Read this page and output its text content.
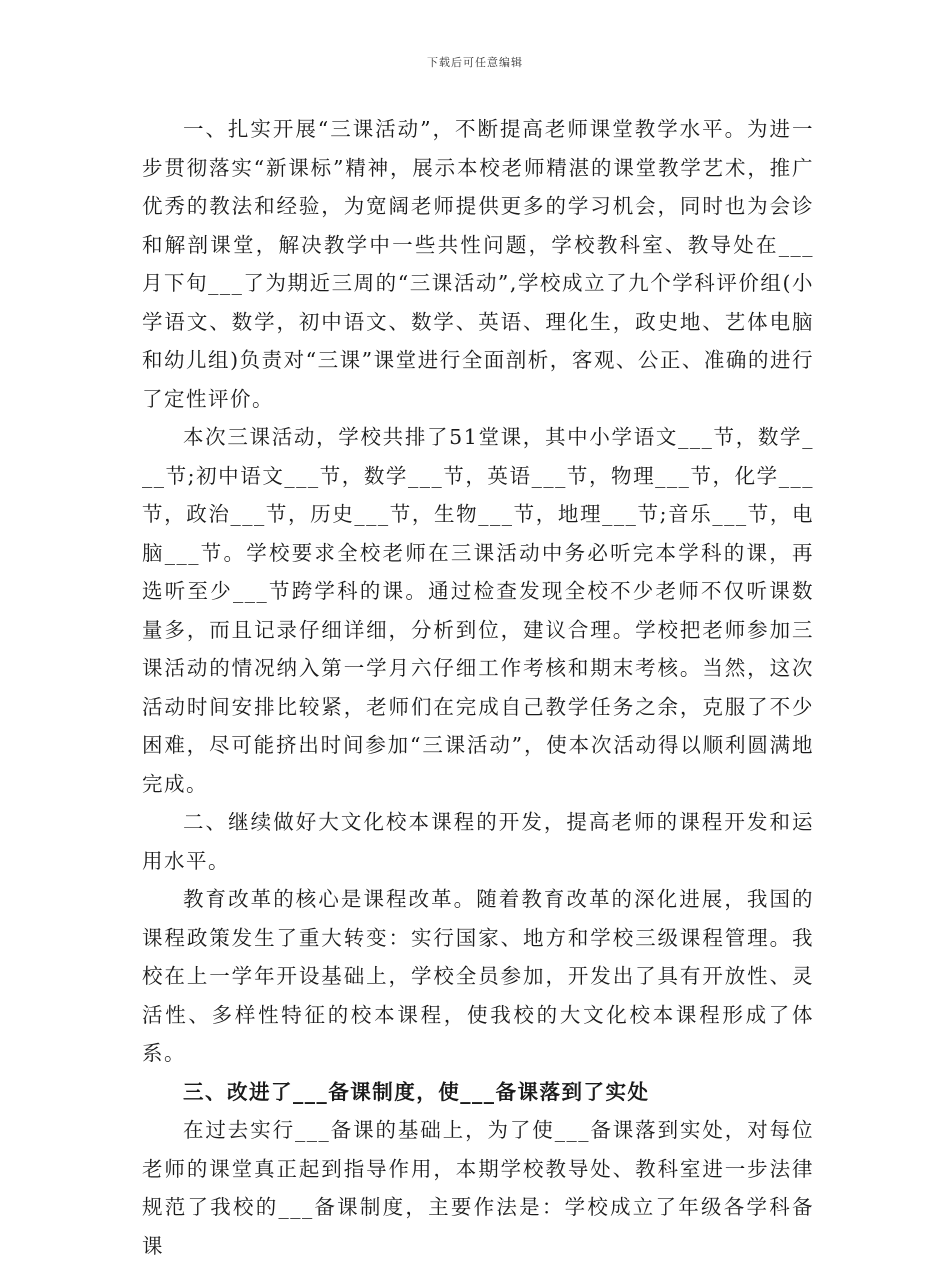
下载后可任意编辑

一、扎实开展“三课活动”，不断提高老师课堂教学水平。为进一步贯彻落实“新课标”精神，展示本校老师精湛的课堂教学艺术，推广优秀的教法和经验，为宽阔老师提供更多的学习机会，同时也为会诊和解剖课堂，解决教学中一些共性问题，学校教科室、教导处在___月下旬___了为期近三周的“三课活动”,学校成立了九个学科评价组(小学语文、数学，初中语文、数学、英语、理化生，政史地、艺体电脑和幼儿组)负责对“三课”课堂进行全面剖析，客观、公正、准确的进行了定性评价。

本次三课活动，学校共排了51堂课，其中小学语文___节，数学___节;初中语文___节，数学___节，英语___节，物理___节，化学___节，政治___节，历史___节，生物___节，地理___节;音乐___节，电脑___节。学校要求全校老师在三课活动中务必听完本学科的课，再选听至少___节跨学科的课。通过检查发现全校不少老师不仅听课数量多，而且记录仔细详细，分析到位，建议合理。学校把老师参加三课活动的情况纳入第一学月六仔细工作考核和期末考核。当然，这次活动时间安排比较紧，老师们在完成自己教学任务之余，克服了不少困难，尽可能挤出时间参加“三课活动”，使本次活动得以顺利圆满地完成。

二、继续做好大文化校本课程的开发，提高老师的课程开发和运用水平。

教育改革的核心是课程改革。随着教育改革的深化进展，我国的课程政策发生了重大转变：实行国家、地方和学校三级课程管理。我校在上一学年开设基础上，学校全员参加，开发出了具有开放性、灵活性、多样性特征的校本课程，使我校的大文化校本课程形成了体系。

三、改进了___备课制度，使___备课落到了实处

在过去实行___备课的基础上，为了使___备课落到实处，对每位老师的课堂真正起到指导作用，本期学校教导处、教科室进一步法律规范了我校的___备课制度，主要作法是：学校成立了年级各学科备课
